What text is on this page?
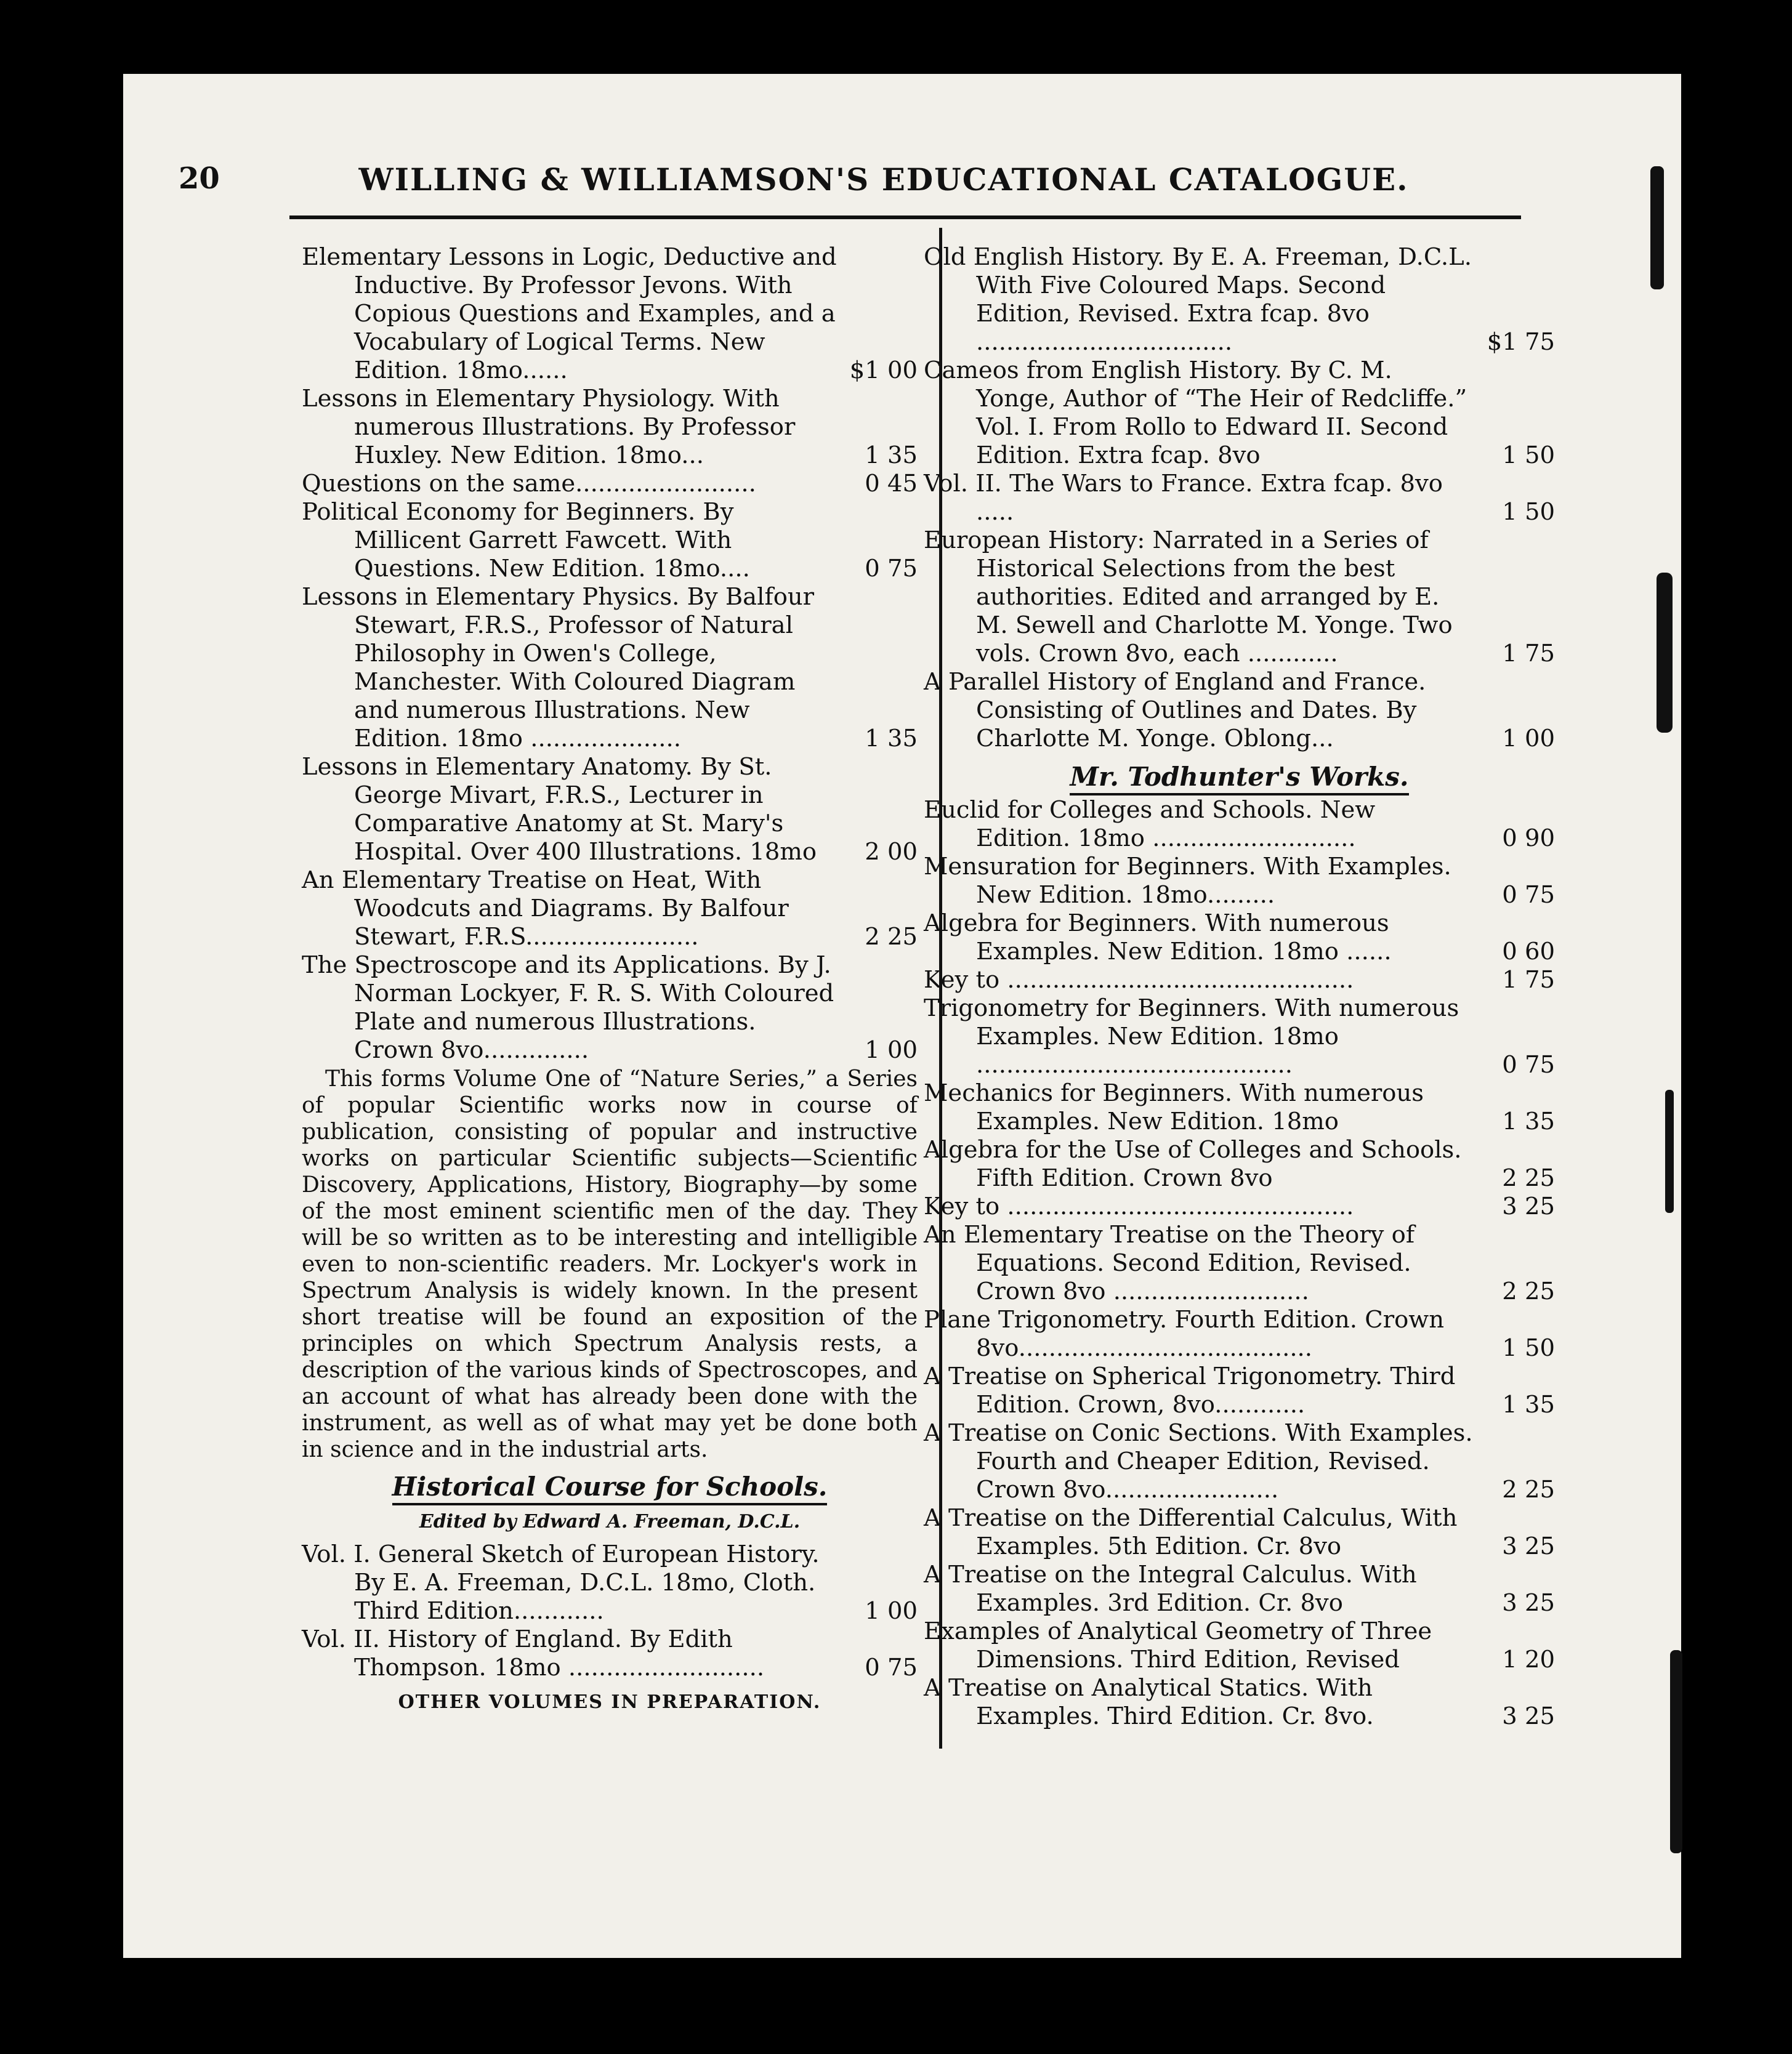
20	WILLING & WILLIAMSON'S EDUCATIONAL CATALOGUE.
Elementary Lessons in Logic, Deductive and Inductive. By Professor Jevons. With Copious Questions and Examples, and a Vocabulary of Logical Terms. New Edition. 18mo......	$1 00
Lessons in Elementary Physiology. With numerous Illustrations. By Professor Huxley. New Edition. 18mo...	1 35
Questions on the same........................	0 45
Political Economy for Beginners. By Millicent Garrett Fawcett. With Questions. New Edition. 18mo....	0 75
Lessons in Elementary Physics. By Balfour Stewart, F.R.S., Professor of Natural Philosophy in Owen's College, Manchester. With Coloured Diagram and numerous Illustrations. New Edition. 18mo ....................	1 35
Lessons in Elementary Anatomy. By St. George Mivart, F.R.S., Lecturer in Comparative Anatomy at St. Mary's Hospital. Over 400 Illustrations. 18mo 2 00
An Elementary Treatise on Heat, With Woodcuts and Diagrams. By Balfour Stewart, F.R.S.......................	2 25
The Spectroscope and its Applications. By J. Norman Lockyer, F. R. S. With Coloured Plate and numerous Illustrations. Crown 8vo..............	1 00
This forms Volume One of “Nature Series,” a Series of popular Scientific works now in course of publication, consisting of popular and instructive works on particular Scientific subjects—Scientific Discovery, Applications, History, Biography—by some of the most eminent scientific men of the day. They will be so written as to be interesting and intelligible even to non-scientific readers. Mr. Lockyer's work in Spectrum Analysis is widely known. In the present short treatise will be found an exposition of the principles on which Spectrum Analysis rests, a description of the various kinds of Spectroscopes, and an account of what has already been done with the instrument, as well as of what may yet be done both in science and in the industrial arts.
Historical Course for Schools.
Edited by Edward A. Freeman, D.C.L.
Vol. I. General Sketch of European History. By E. A. Freeman, D.C.L. 18mo, Cloth. Third Edition............	1 00
Vol. II. History of England. By Edith Thompson. 18mo ..........................	0 75
OTHER VOLUMES IN PREPARATION.
Old English History. By E. A. Freeman, D.C.L. With Five Coloured Maps. Second Edition, Revised. Extra fcap. 8vo ..................................	$1 75
Cameos from English History. By C. M. Yonge, Author of “The Heir of Redcliffe.” Vol. I. From Rollo to Edward II. Second Edition. Extra fcap. 8vo	1 50
Vol. II. The Wars to France. Extra fcap. 8vo .....	1 50
European History: Narrated in a Series of Historical Selections from the best authorities. Edited and arranged by E. M. Sewell and Charlotte M. Yonge. Two vols. Crown 8vo, each ............	1 75
A Parallel History of England and France. Consisting of Outlines and Dates. By Charlotte M. Yonge. Oblong...	1 00
Mr. Todhunter's Works.
Euclid for Colleges and Schools. New Edition. 18mo ...........................	0 90
Mensuration for Beginners. With Examples. New Edition. 18mo.........	0 75
Algebra for Beginners. With numerous Examples. New Edition. 18mo ......	0 60
Key to ..............................................	1 75
Trigonometry for Beginners. With numerous Examples. New Edition. 18mo ..........................................	0 75
Mechanics for Beginners. With numerous Examples. New Edition. 18mo	1 35
Algebra for the Use of Colleges and Schools. Fifth Edition. Crown 8vo	2 25
Key to ..............................................	3 25
An Elementary Treatise on the Theory of Equations. Second Edition, Revised. Crown 8vo ..........................	2 25
Plane Trigonometry. Fourth Edition. Crown 8vo.......................................	1 50
A Treatise on Spherical Trigonometry. Third Edition. Crown, 8vo............	1 35
A Treatise on Conic Sections. With Examples. Fourth and Cheaper Edition, Revised. Crown 8vo.......................	2 25
A Treatise on the Differential Calculus, With Examples. 5th Edition. Cr. 8vo	3 25
A Treatise on the Integral Calculus. With Examples. 3rd Edition. Cr. 8vo	3 25
Examples of Analytical Geometry of Three Dimensions. Third Edition, Revised	1 20
A Treatise on Analytical Statics. With Examples. Third Edition. Cr. 8vo.	3 25
